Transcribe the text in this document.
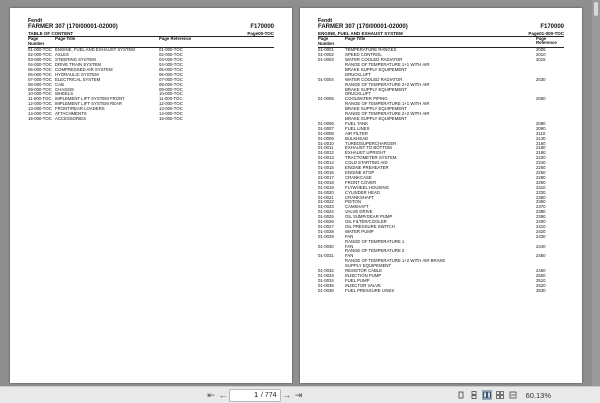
Fendt
FARMER 307 (170/00001-02000)	F170000
TABLE OF CONTENT	Page00-TOC
Page Number
Page Title	Page Reference
01-000-TOC ENGINE, FUEL AND EXHAUST SYSTEM	01-000-TOC
02-000-TOC AXLES	02-000-TOC
03-000-TOC STEERING SYSTEM	03-000-TOC
04-000-TOC DRIVE TRAIN SYSTEM	04-000-TOC
05-000-TOC COMPRESSED AIR SYSTEM	05-000-TOC
06-000-TOC HYDRAULIC SYSTEM	06-000-TOC
07-000-TOC ELECTRICAL SYSTEM	07-000-TOC
08-000-TOC CAB	08-000-TOC
09-000-TOC CHASSIS	09-000-TOC
10-000-TOC WHEELS	10-000-TOC
11-000-TOC IMPLEMENT LIFT SYSTEM FRONT	11-000-TOC
12-000-TOC IMPLEMENT LIFT SYSTEM REAR	12-000-TOC
13-000-TOC FRONT/REAR LOADERS	13-000-TOC
14-000-TOC ATTACHMENTS	14-000-TOC
15-000-TOC ACCESSORIES	15-000-TOC
Fendt
FARMER 307 (170/00001-02000)	F170000
ENGINE, FUEL AND EXHAUST SYSTEM	Page01-000-TOC
Page Number
Page Title	Page Reference
01-0001	TEMPERATURE RANGES	2005
01-0002	SPEED CONTROL	2010
01-0003	WATER COOLED RADIATOR	2015
RANGE OF TEMPERATURE 1+1 WITH AIR
BRAKE SUPPLY EQUIPEMENT
DRUCKLUFT
01-0004	WATER COOLED RADIATOR	2030
RANGE OF TEMPERATURE 2+2 WITH AIR
BRAKE SUPPLY EQUIPEMENT
DRUCKLUFT
01-0005	COOLWATER PIPING	2050
RANGE OF TEMPERATURE 1+1 WITH AIR
BRAKE SUPPLY EQUIPEMENT
RANGE OF TEMPERATURE 2+2 WITH AIR
BRAKE SUPPLY EQUIPEMENT
01-0006	FUEL TANK	2080
01-0007	FUEL LINES	2090
01-0008	AIR FILTER	2110
01-0009	BULKHEAD	2130
01-0010	TURBOSUPERCHARGER	2160
01-0011	EXHAUST TO BOTTOM	2180
01-0012	EXHAUST UPRIGHT	2190
01-0013	TRACTOMETER SYSTEM	2220
01-0014	COLD STARTING AID	2240
01-0015	ENGINE PREHEATER	2250
01-0016	ENGINE STOP	2260
01-0017	CRANKCASE	2280
01-0018	FRONT COVER	2290
01-0019	FLYWHEEL HOUSING	2310
01-0020	CYLINDER HEAD	2330
01-0021	CRANKSHAFT	2350
01-0022	PISTON	2360
01-0023	CAMSHAFT	2370
01-0024	VALVE DRIVE	2380
01-0025	OIL SUMP/GEAR PUMP	2390
01-0026	OIL FILTER/COOLER	2400
01-0027	OIL PRESSURE SWITCH	2410
01-0028	WATER PUMP	2420
01-0029	FAN	2430
RANGE OF TEMPERATURE 1
01-0030	FAN	2440
RANGE OF TEMPERATURE 2
01-0031	FAN	2450
RANGE OF TEMPERATURE 1+2 WITH AIR BRAKE
SUPPLY EQUIPEMENT
01-0032	RESISTOR CABLE	2460
01-0033	INJECTION PUMP	2500
01-0034	FUEL PUMP	2510
01-0035	INJECTOR VALVE	2520
01-0036	FUEL PRESSURE LINES	2530
⇤ ←
1	/ 774 → ⇥	60.13%
